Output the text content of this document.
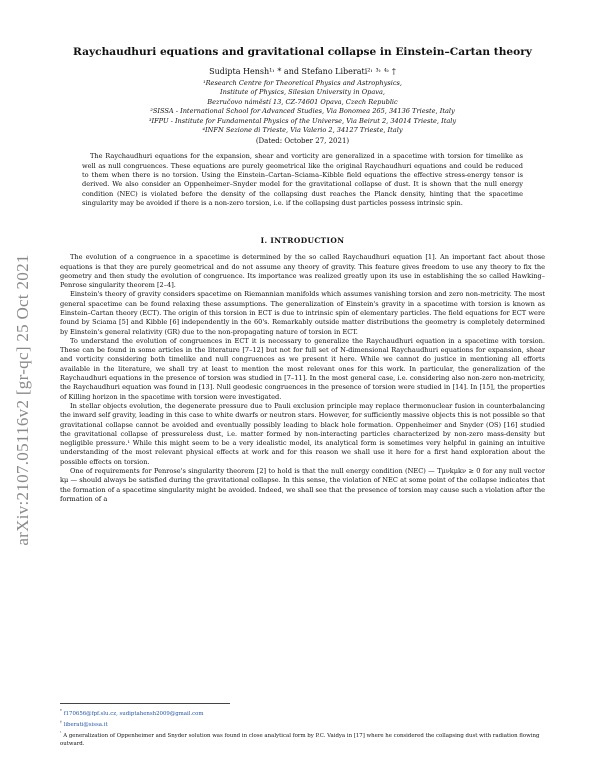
arXiv:2107.05116v2 [gr-qc] 25 Oct 2021
Raychaudhuri equations and gravitational collapse in Einstein–Cartan theory
Sudipta Hensh¹˒ * and Stefano Liberati²˒ ³˒ ⁴˒ †
¹Research Centre for Theoretical Physics and Astrophysics,
Institute of Physics, Silesian University in Opava,
Bezručovo náměstí 13, CZ-74601 Opava, Czech Republic
²SISSA - International School for Advanced Studies, Via Bonomea 265, 34136 Trieste, Italy
³IFPU - Institute for Fundamental Physics of the Universe, Via Beirut 2, 34014 Trieste, Italy
⁴INFN Sezione di Trieste, Via Valerio 2, 34127 Trieste, Italy
(Dated: October 27, 2021)

The Raychaudhuri equations for the expansion, shear and vorticity are generalized in a spacetime with torsion for timelike as well as null congruences. These equations are purely geometrical like the original Raychaudhuri equations and could be reduced to them when there is no torsion. Using the Einstein–Cartan–Sciama–Kibble field equations the effective stress-energy tensor is derived. We also consider an Oppenheimer–Snyder model for the gravitational collapse of dust. It is shown that the null energy condition (NEC) is violated before the density of the collapsing dust reaches the Planck density, hinting that the spacetime singularity may be avoided if there is a non-zero torsion, i.e. if the collapsing dust particles possess intrinsic spin.

I. INTRODUCTION

The evolution of a congruence in a spacetime is determined by the so called Raychaudhuri equation [1]. An important fact about those equations is that they are purely geometrical and do not assume any theory of gravity. This feature gives freedom to use any theory to fix the geometry and then study the evolution of congruence. Its importance was realized greatly upon its use in establishing the so called Hawking–Penrose singularity theorem [2–4].

Einstein's theory of gravity considers spacetime on Riemannian manifolds which assumes vanishing torsion and zero non-metricity. The most general spacetime can be found relaxing these assumptions. The generalization of Einstein's gravity in a spacetime with torsion is known as Einstein–Cartan theory (ECT). The origin of this torsion in ECT is due to intrinsic spin of elementary particles. The field equations for ECT were found by Sciama [5] and Kibble [6] independently in the 60's. Remarkably outside matter distributions the geometry is completely determined by Einstein's general relativity (GR) due to the non-propagating nature of torsion in ECT.

To understand the evolution of congruences in ECT it is necessary to generalize the Raychaudhuri equation in a spacetime with torsion. These can be found in some articles in the literature [7–12] but not for full set of N-dimensional Raychaudhuri equations for expansion, shear and vorticity considering both timelike and null congruences as we present it here. While we cannot do justice in mentioning all efforts available in the literature, we shall try at least to mention the most relevant ones for this work. In particular, the generalization of the Raychaudhuri equations in the presence of torsion was studied in [7–11]. In the most general case, i.e. considering also non-zero non-metricity, the Raychaudhuri equation was found in [13]. Null geodesic congruences in the presence of torsion were studied in [14]. In [15], the properties of Killing horizon in the spacetime with torsion were investigated.

In stellar objects evolution, the degenerate pressure due to Pauli exclusion principle may replace thermonuclear fusion in counterbalancing the inward self gravity, leading in this case to white dwarfs or neutron stars. However, for sufficiently massive objects this is not possible so that gravitational collapse cannot be avoided and eventually possibly leading to black hole formation. Oppenheimer and Snyder (OS) [16] studied the gravitational collapse of pressureless dust, i.e. matter formed by non-interacting particles characterized by non-zero mass-density but negligible pressure.¹ While this might seem to be a very idealistic model, its analytical form is sometimes very helpful in gaining an intuitive understanding of the most relevant physical effects at work and for this reason we shall use it here for a first hand exploration about the possible effects on torsion.

One of requirements for Penrose's singularity theorem [2] to hold is that the null energy condition (NEC) — Tμνkμkν ≥ 0 for any null vector kμ — should always be satisfied during the gravitational collapse. In this sense, the violation of NEC at some point of the collapse indicates that the formation of a spacetime singularity might be avoided. Indeed, we shall see that the presence of torsion may cause such a violation after the formation of a

* f170656@fpf.slu.cz, sudiptahensh2009@gmail.com
† liberati@sissa.it
$^{^1}$ A generalization of Oppenheimer and Snyder solution was found in close analytical form by P.C. Vaidya in [17] where he considered the collapsing dust with radiation flowing outward.
